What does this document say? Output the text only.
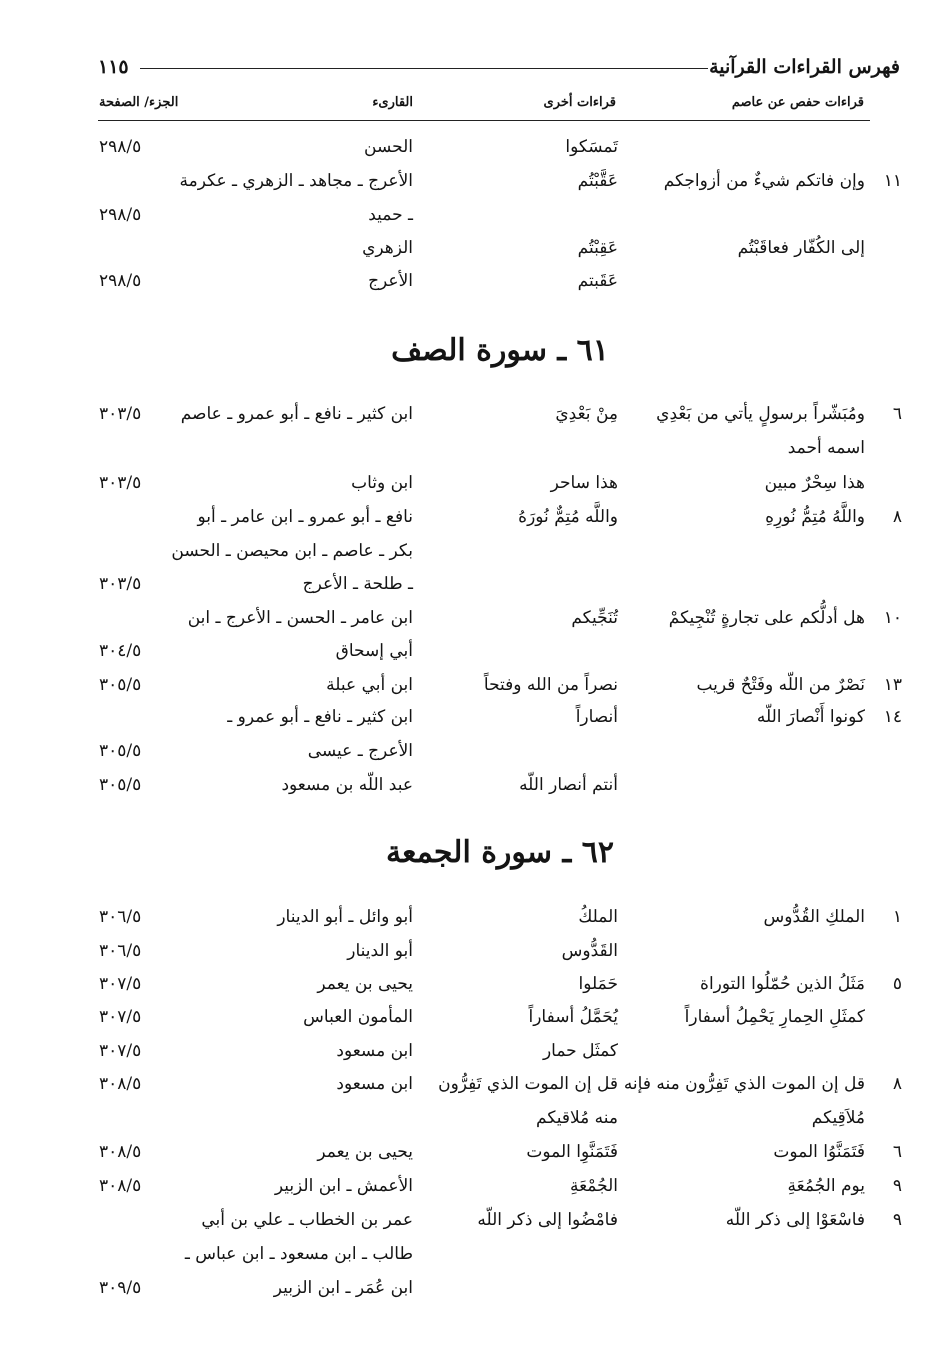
فهرس القراءات القرآنية
١١٥
قراءات حفص عن عاصم
قراءات أخرى
القارىء
الجزء/ الصفحة
تَمسَكوا
الحسن
٢٩٨/٥
١١
وإن فاتكم شيءٌ من أزواجكم
عَقَّبْتُم
الأعرج ـ مجاهد ـ الزهري ـ عكرمة
ـ حميد
٢٩٨/٥
إلى الكُفّار فعاقَبْتُم
عَقِبْتُم
الزهري
عَقَبتم
الأعرج
٢٩٨/٥
٦١ ـ سورة الصف
٦
ومُبَشّراً برسولٍ يأتي من بَعْدِي
مِنْ بَعْدِيَ
ابن كثير ـ نافع ـ أبو عمرو ـ عاصم
٣٠٣/٥
اسمه أحمد
هذا سِحْرٌ مبين
هذا ساحر
ابن وثاب
٣٠٣/٥
٨
واللَّهُ مُتِمُّ نُورِهِ
واللَّه مُتِمٌّ نُورَهُ
نافع ـ أبو عمرو ـ ابن عامر ـ أبو
بكر ـ عاصم ـ ابن محيصن ـ الحسن
ـ طلحة ـ الأعرج
٣٠٣/٥
١٠
هل أدلُّكم على تجارةٍ تُنْجِيكمْ
تُنَجِّيكم
ابن عامر ـ الحسن ـ الأعرج ـ ابن
أبي إسحاق
٣٠٤/٥
١٣
نَصْرٌ من اللّه وفَتْحٌ قريب
نصراً من الله وفتحاً
ابن أبي عبلة
٣٠٥/٥
١٤
كونوا أَنْصارَ اللّه
أنصاراً
ابن كثير ـ نافع ـ أبو عمرو ـ
الأعرج ـ عيسى
٣٠٥/٥
أنتم أنصار اللّه
عبد اللّه بن مسعود
٣٠٥/٥
٦٢ ـ سورة الجمعة
١
الملكِ القُدُّوس
الملكُ
أبو وائل ـ أبو الدينار
٣٠٦/٥
القَدُّوس
أبو الدينار
٣٠٦/٥
٥
مَثَلُ الذين حُمّلُوا التوراة
حَمَلوا
يحيى بن يعمر
٣٠٧/٥
كمثَلِ الحِمارِ يَحْمِلُ أسفاراً
يُحَمَّلُ أسفاراً
المأمون العباس
٣٠٧/٥
كمثَل حمار
ابن مسعود
٣٠٧/٥
٨
قل إن الموت الذي تَفِرُّون منه فإنه
قل إن الموت الذي تَفِرُّون
ابن مسعود
٣٠٨/٥
مُلاَقِيكم
منه مُلاقيكم
٦
فَتَمَنَّوُا الموت
فَتَمَنَّوِا الموت
يحيى بن يعمر
٣٠٨/٥
٩
يوم الجُمُعَةِ
الجُمْعَةِ
الأعمش ـ ابن الزبير
٣٠٨/٥
٩
فاسْعَوْا إلى ذكر اللّه
فامْضُوا إلى ذكر اللّه
عمر بن الخطاب ـ علي بن أبي
طالب ـ ابن مسعود ـ ابن عباس ـ
ابن عُمَر ـ ابن الزبير
٣٠٩/٥
